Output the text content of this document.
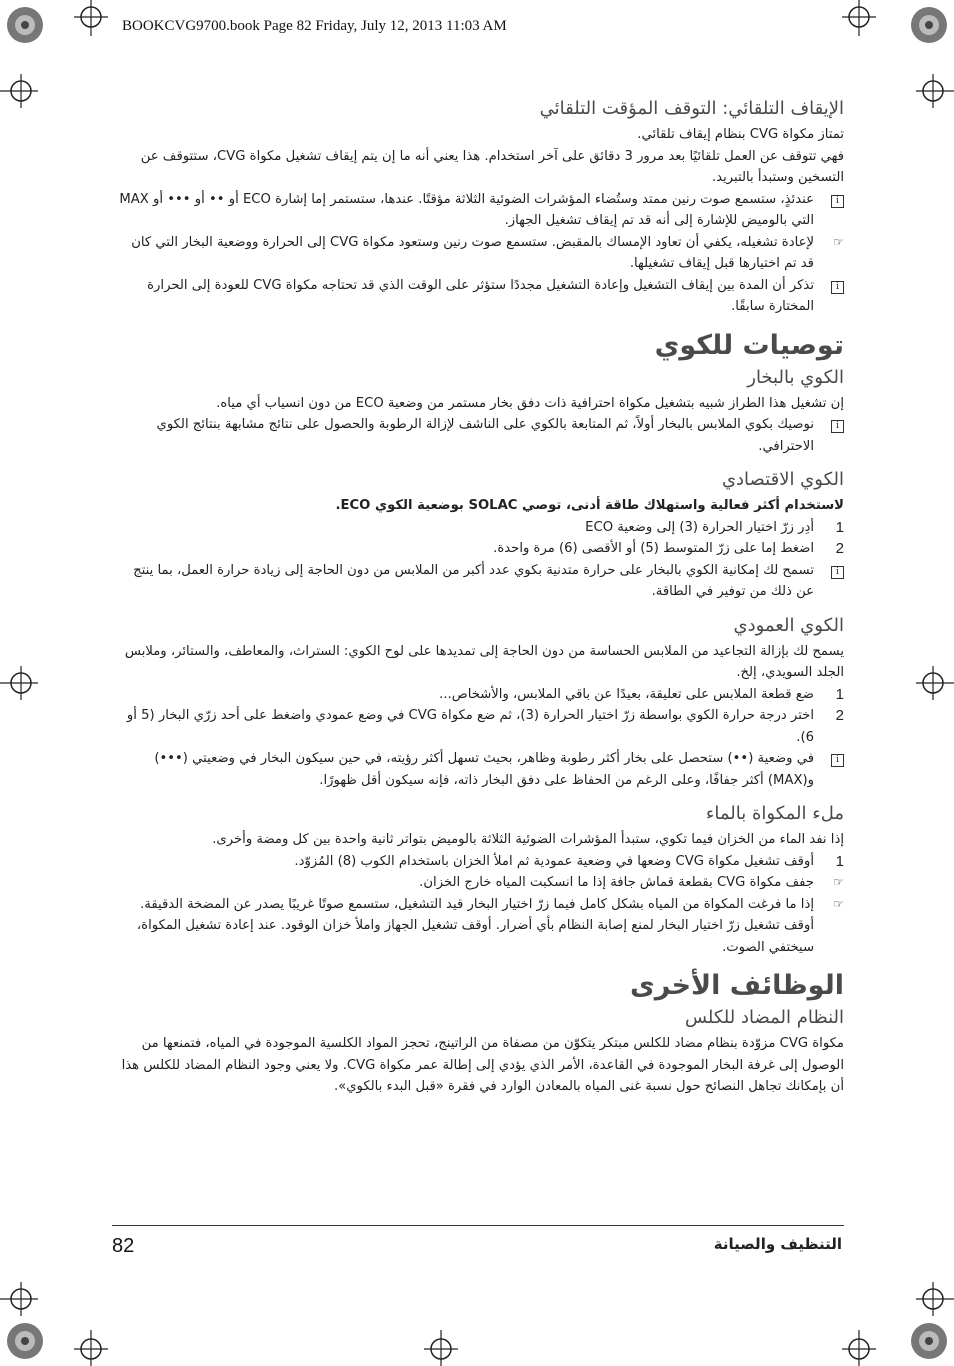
BOOKCVG9700.book Page 82 Friday, July 12, 2013 11:03 AM
الإيقاف التلقائي: التوقف المؤقت التلقائي

تمتاز مكواة CVG بنظام إيقاف تلقائي.

فهي تتوقف عن العمل تلقائيًا بعد مرور 3 دقائق على آخر استخدام. هذا يعني أنه ما إن يتم إيقاف تشغيل مكواة CVG، ستتوقف عن التسخين وستبدأ بالتبريد.

i
عندئذٍ، ستسمع صوت رنين ممتد وستُضاء المؤشرات الضوئية الثلاثة مؤقتًا. عندها، ستستمر إما إشارة ECO أو •• أو ••• أو MAX التي بالوميض للإشارة إلى أنه قد تم إيقاف تشغيل الجهاز.
☞
لإعادة تشغيله، يكفي أن تعاود الإمساك بالمقبض. ستسمع صوت رنين وستعود مكواة CVG إلى الحرارة ووضعية البخار التي كان قد تم اختيارها قبل إيقاف تشغيلها.
i
تذكر أن المدة بين إيقاف التشغيل وإعادة التشغيل مجددًا ستؤثر على الوقت الذي قد تحتاجه مكواة CVG للعودة إلى الحرارة المختارة سابقًا.
توصيات للكوي
الكوي بالبخار

إن تشغيل هذا الطراز شبيه بتشغيل مكواة احترافية ذات دفق بخار مستمر من وضعية ECO من دون انسياب أي مياه.

i
نوصيك بكوي الملابس بالبخار أولاً، ثم المتابعة بالكوي على الناشف لإزالة الرطوبة والحصول على نتائج مشابهة بنتائج الكوي الاحترافي.
الكوي الاقتصادي

لاستخدام أكثر فعالية واستهلاك طاقة أدنى، توصي SOLAC بوضعية الكوي ECO.

1
أدِر زرّ اختيار الحرارة (3) إلى وضعية ECO
2
اضغط إما على زرّ المتوسط (5) أو الأقصى (6) مرة واحدة.
i
تسمح لك إمكانية الكوي بالبخار على حرارة متدنية بكوي عدد أكبر من الملابس من دون الحاجة إلى زيادة حرارة العمل، بما ينتج عن ذلك من توفير في الطاقة.
الكوي العمودي

يسمح لك بإزالة التجاعيد من الملابس الحساسة من دون الحاجة إلى تمديدها على لوح الكوي: الستراث، والمعاطف، والستائر، وملابس الجلد السويدي، إلخ.

1
ضع قطعة الملابس على تعليقة، بعيدًا عن باقي الملابس، والأشخاص...
2
اختر درجة حرارة الكوي بواسطة زرّ اختيار الحرارة (3)، ثم ضع مكواة CVG في وضع عمودي واضغط على أحد زرّي البخار (5 أو 6).
i
في وضعية (••) ستحصل على بخار أكثر رطوبة وظاهر، بحيث تسهل أكثر رؤيته، في حين سيكون البخار في وضعيتي (•••) و(MAX) أكثر جفافًا، وعلى الرغم من الحفاظ على دفق البخار ذاته، فإنه سيكون أقل ظهورًا.
ملء المكواة بالماء

إذا نفد الماء من الخزان فيما تكوي، ستبدأ المؤشرات الضوئية الثلاثة بالوميض بتواتر ثانية واحدة بين كل ومضة وأخرى.

1
أوقف تشغيل مكواة CVG وضعها في وضعية عمودية ثم املأ الخزان باستخدام الكوب (8) المُزوّد.
☞
جفف مكواة CVG بقطعة قماش جافة إذا ما انسكبت المياه خارج الخزان.
☞
إذا ما فرغت المكواة من المياه بشكل كامل فيما زرّ اختيار البخار قيد التشغيل، ستسمع صوتًا غريبًا يصدر عن المضخة الدقيقة. أوقف تشغيل زرّ اختيار البخار لمنع إصابة النظام بأي أضرار. أوقف تشغيل الجهاز واملأ خزان الوقود. عند إعادة تشغيل المكواة، سيختفي الصوت.
الوظائف الأخرى
النظام المضاد للكلس

مكواة CVG مزوّدة بنظام مضاد للكلس مبتكر يتكوّن من مصفاة من الراتينج، تحجز المواد الكلسية الموجودة في المياه، فتمنعها من الوصول إلى غرفة البخار الموجودة في القاعدة، الأمر الذي يؤدي إلى إطالة عمر مكواة CVG. ولا يعني وجود النظام المضاد للكلس هذا أن بإمكانك تجاهل النصائح حول نسبة غنى المياه بالمعادن الوارد في فقرة «قبل البدء بالكوي».

82	التنظيف والصيانة
